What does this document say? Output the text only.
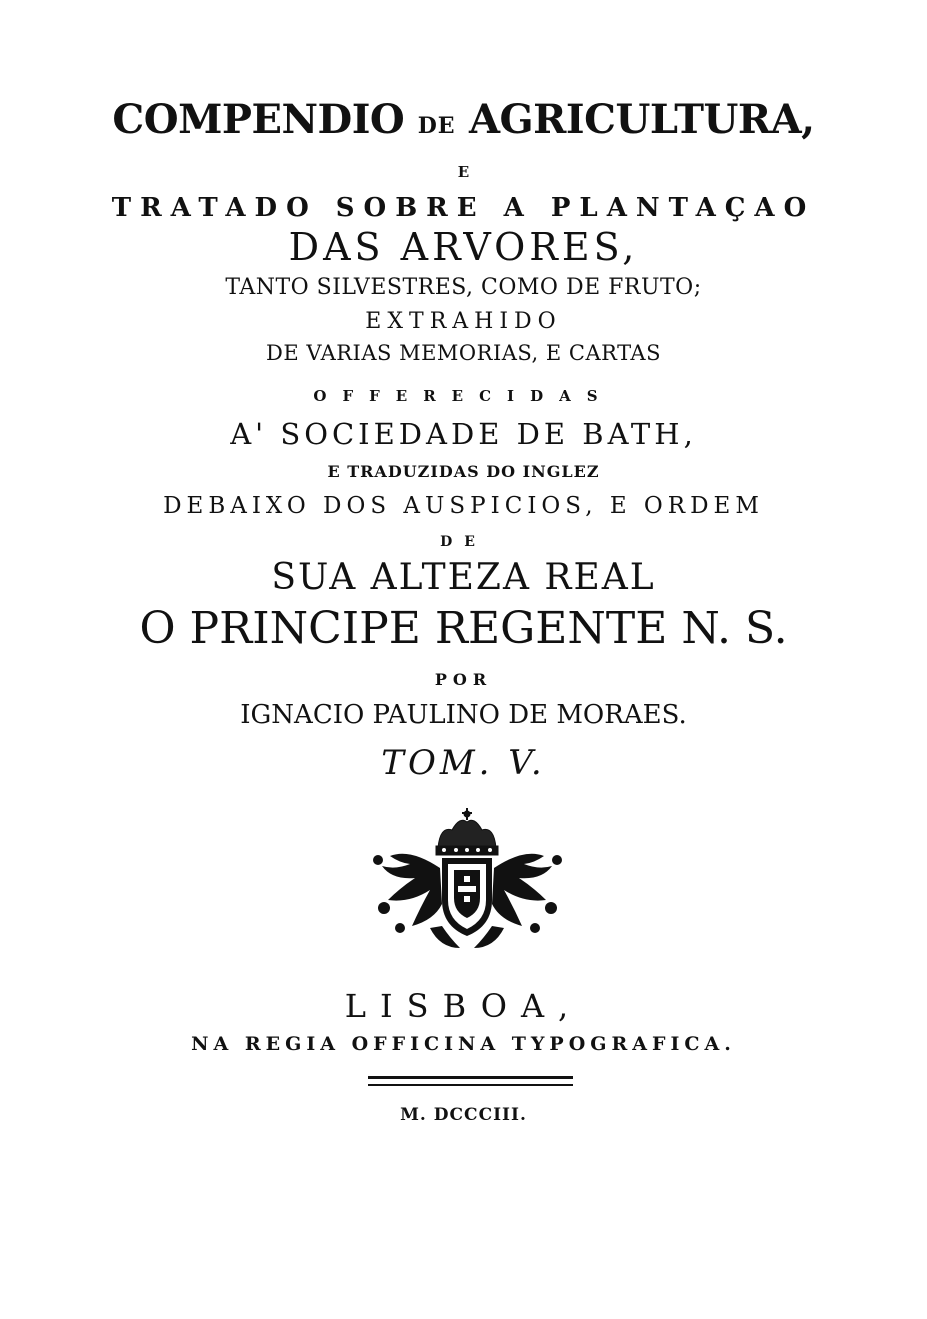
COMPENDIO DE AGRICULTURA,
E
TRATADO SOBRE A PLANTAÇAO
DAS ARVORES,
TANTO SILVESTRES, COMO DE FRUTO;
EXTRAHIDO
DE VARIAS MEMORIAS, E CARTAS
OFFERECIDAS
A' SOCIEDADE DE BATH,
E TRADUZIDAS DO INGLEZ
DEBAIXO DOS AUSPICIOS, E ORDEM
DE
SUA ALTEZA REAL
O PRINCIPE REGENTE N. S.
POR
IGNACIO PAULINO DE MORAES.
TOM. V.
LISBOA,
NA REGIA OFFICINA TYPOGRAFICA.
M. DCCCIII.
